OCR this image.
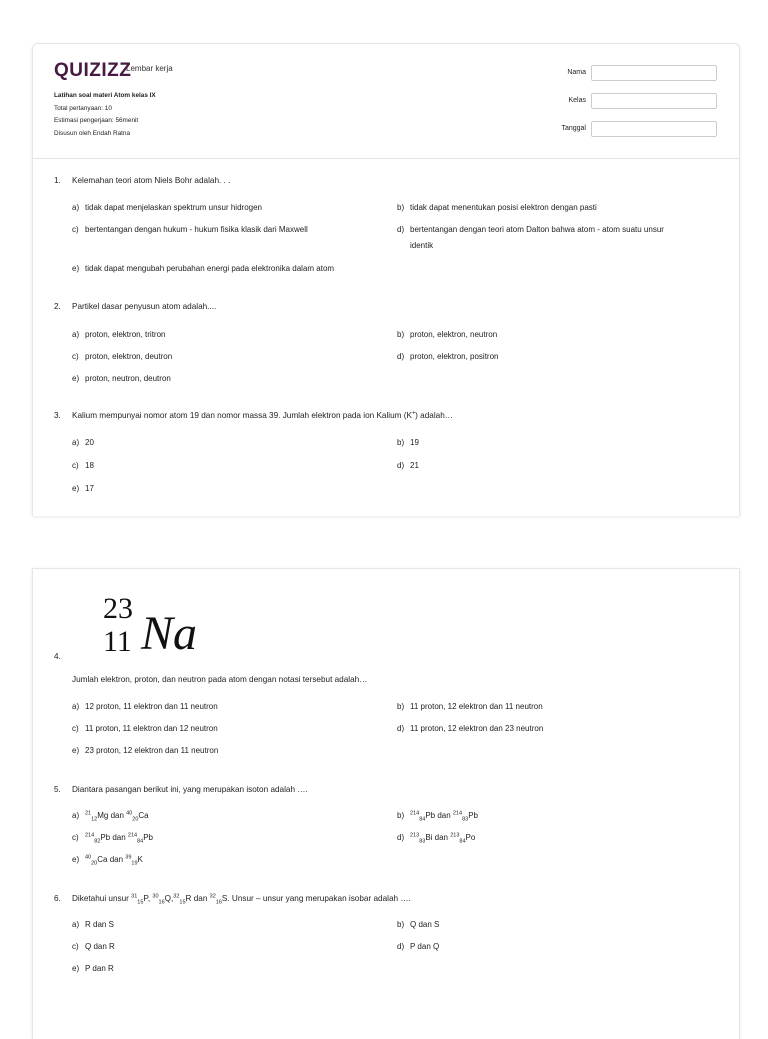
QUIZIZZ
Lembar kerja
Latihan soal materi Atom kelas IX
Total pertanyaan: 10
Estimasi pengerjaan: 56menit
Disusun oleh Endah Ratna
Nama
Kelas
Tanggal
1. Kelemahan teori atom Niels Bohr adalah. . .
a) tidak dapat menjelaskan spektrum unsur hidrogen	b) tidak dapat menentukan posisi elektron dengan pasti
c) bertentangan dengan hukum - hukum fisika klasik dari Maxwell	d) bertentangan dengan teori atom Dalton bahwa atom - atom suatu unsur
identik
e) tidak dapat mengubah perubahan energi pada elektronika dalam atom
2. Partikel dasar penyusun atom adalah....
a) proton, elektron, tritron	b) proton, elektron, neutron
c) proton, elektron, deutron	d) proton, elektron, positron
e) proton, neutron, deutron
3. Kalium mempunyai nomor atom 19 dan nomor massa 39. Jumlah elektron pada ion Kalium (K+) adalah…
a) 20	b) 19
c) 18	d) 21
e) 17
23
11 Na
4.
Jumlah elektron, proton, dan neutron pada atom dengan notasi tersebut adalah…
a) 12 proton, 11 elektron dan 11 neutron	b) 11 proton, 12 elektron dan 11 neutron
c) 11 proton, 11 elektron dan 12 neutron	d) 11 proton, 12 elektron dan 23 neutron
e) 23 proton, 12 elektron dan 11 neutron
5. Diantara pasangan berikut ini, yang merupakan isoton adalah ….
a) $^{21}_{12}$Mg dan $^{40}_{20}$Ca	b) $^{214}_{84}$Pb dan $^{214}_{83}$Pb
c) $^{214}_{82}$Pb dan $^{214}_{84}$Pb	d) $^{213}_{83}$Bi dan $^{213}_{84}$Po
e) $^{40}_{20}$Ca dan $^{39}_{19}$K
6. Diketahui unsur $^{31}_{15}$P, $^{30}_{16}$Q,$^{32}_{15}$R dan $^{32}_{16}$S. Unsur – unsur yang merupakan isobar adalah ….
a) R dan S	b) Q dan S
c) Q dan R	d) P dan Q
e) P dan R
